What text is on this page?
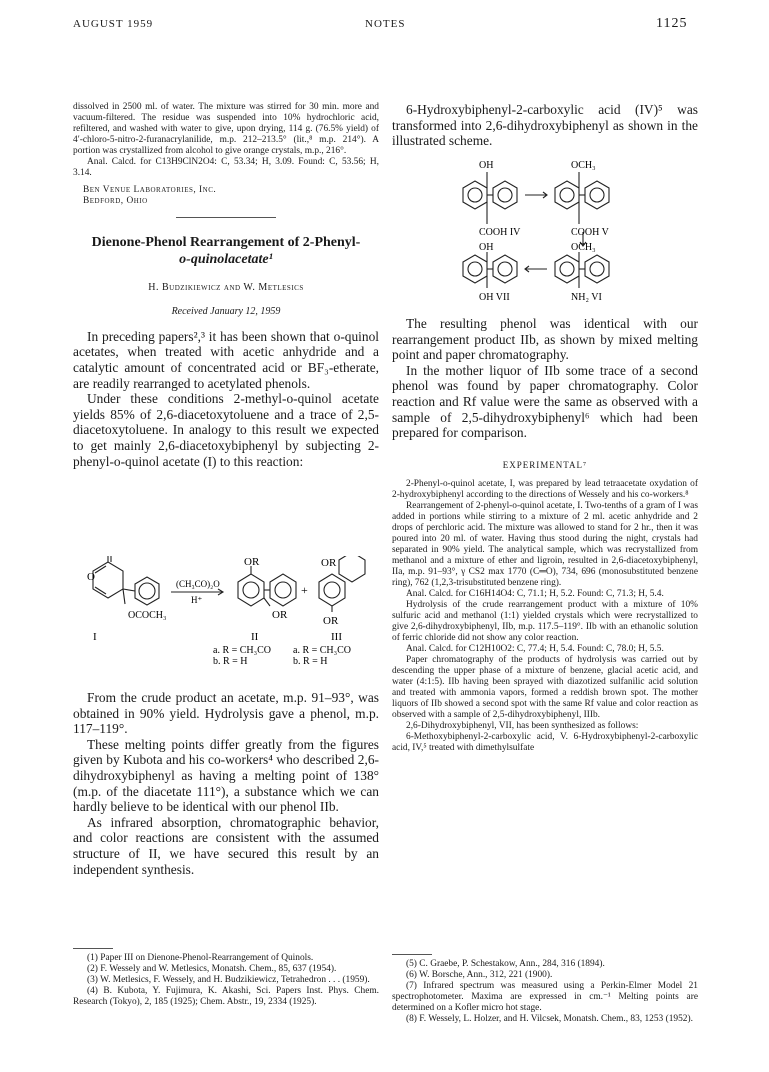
AUGUST 1959	NOTES	1125

dissolved in 2500 ml. of water. The mixture was stirred for 30 min. more and vacuum-filtered. The residue was suspended into 10% hydrochloric acid, refiltered, and washed with water to give, upon drying, 114 g. (76.5% yield) of 4′-chloro-5-nitro-2-furanacrylanilide, m.p. 212–213.5° (lit.,⁸ m.p. 214°). A portion was crystallized from alcohol to give orange crystals, m.p., 216°.

Anal. Calcd. for C13H9ClN2O4: C, 53.34; H, 3.09. Found: C, 53.56; H, 3.14.

Ben Venue Laboratories, Inc.

Bedford, Ohio

Dienone-Phenol Rearrangement of 2-Phenyl-

o-quinolacetate¹

H. Budzikiewicz and W. Metlesics

Received January 12, 1959

In preceding papers²,³ it has been shown that o-quinol acetates, when treated with acetic anhydride and a catalytic amount of concentrated acid or BF₃-etherate, are readily rearranged to acetylated phenols.

Under these conditions 2-methyl-o-quinol acetate yields 85% of 2,6-diacetoxytoluene and a trace of 2,5-diacetoxytoluene. In analogy to this result we expected to get mainly 2,6-diacetoxybiphenyl by subjecting 2-phenyl-o-quinol acetate (I) to this reaction:

O
OCOCH₃
(CH₃CO)₂O
H⁺
OR
OR
+
OR
OR
I	II	III
a. R = CH₃CO
b. R = H
a. R = CH₃CO
b. R = H

From the crude product an acetate, m.p. 91–93°, was obtained in 90% yield. Hydrolysis gave a phenol, m.p. 117–119°.

These melting points differ greatly from the figures given by Kubota and his co-workers⁴ who described 2,6-dihydroxybiphenyl as having a melting point of 138° (m.p. of the diacetate 111°), a substance which we can hardly believe to be identical with our phenol IIb.

As infrared absorption, chromatographic behavior, and color reactions are consistent with the assumed structure of II, we have secured this result by an independent synthesis.

(1) Paper III on Dienone-Phenol-Rearrangement of Quinols.

(2) F. Wessely and W. Metlesics, Monatsh. Chem., 85, 637 (1954).

(3) W. Metlesics, F. Wessely, and H. Budzikiewicz, Tetrahedron . . . (1959).

(4) B. Kubota, Y. Fujimura, K. Akashi, Sci. Papers Inst. Phys. Chem. Research (Tokyo), 2, 185 (1925); Chem. Abstr., 19, 2334 (1925).

6-Hydroxybiphenyl-2-carboxylic acid (IV)⁵ was transformed into 2,6-dihydroxybiphenyl as shown in the illustrated scheme.

OH	OCH₃
COOH IV	COOH V
OH	OCH₃
OH VII	NH₂ VI

The resulting phenol was identical with our rearrangement product IIb, as shown by mixed melting point and paper chromatography.

In the mother liquor of IIb some trace of a second phenol was found by paper chromatography. Color reaction and Rf value were the same as observed with a sample of 2,5-dihydroxybiphenyl⁶ which had been prepared for comparison.

EXPERIMENTAL⁷

2-Phenyl-o-quinol acetate, I, was prepared by lead tetraacetate oxydation of 2-hydroxybiphenyl according to the directions of Wessely and his co-workers.⁸

Rearrangement of 2-phenyl-o-quinol acetate, I. Two-tenths of a gram of I was added in portions while stirring to a mixture of 2 ml. acetic anhydride and 2 drops of perchloric acid. The mixture was allowed to stand for 2 hr., then it was poured into 20 ml. of water. Having thus stood during the night, crystals had separated in 90% yield. The analytical sample, which was recrystallized from methanol and a mixture of ether and ligroin, resulted in 2,6-diacetoxybiphenyl, IIa, m.p. 91–93°, γ CS2 max 1770 (C═O), 734, 696 (monosubstituted benzene ring), 762 (1,2,3-trisubstituted benzene ring).

Anal. Calcd. for C16H14O4: C, 71.1; H, 5.2. Found: C, 71.3; H, 5.4.

Hydrolysis of the crude rearrangement product with a mixture of 10% sulfuric acid and methanol (1:1) yielded crystals which were recrystallized to give 2,6-dihydroxybiphenyl, IIb, m.p. 117.5–119°. IIb with an ethanolic solution of ferric chloride did not show any color reaction.

Anal. Calcd. for C12H10O2: C, 77.4; H, 5.4. Found: C, 78.0; H, 5.5.

Paper chromatography of the products of hydrolysis was carried out by descending the upper phase of a mixture of benzene, glacial acetic acid, and water (4:1:5). IIb having been sprayed with diazotized sulfanilic acid solution and treated with ammonia vapors, formed a reddish brown spot. The mother liquors of IIb showed a second spot with the same Rf value and color reaction as observed with a sample of 2,5-dihydroxybiphenyl, IIIb.

2,6-Dihydroxybiphenyl, VII, has been synthesized as follows:

6-Methoxybiphenyl-2-carboxylic acid, V. 6-Hydroxybiphenyl-2-carboxylic acid, IV,⁵ treated with dimethylsulfate

(5) C. Graebe, P. Schestakow, Ann., 284, 316 (1894).

(6) W. Borsche, Ann., 312, 221 (1900).

(7) Infrared spectrum was measured using a Perkin-Elmer Model 21 spectrophotometer. Maxima are expressed in cm.⁻¹ Melting points are determined on a Kofler micro hot stage.

(8) F. Wessely, L. Holzer, and H. Vilcsek, Monatsh. Chem., 83, 1253 (1952).
